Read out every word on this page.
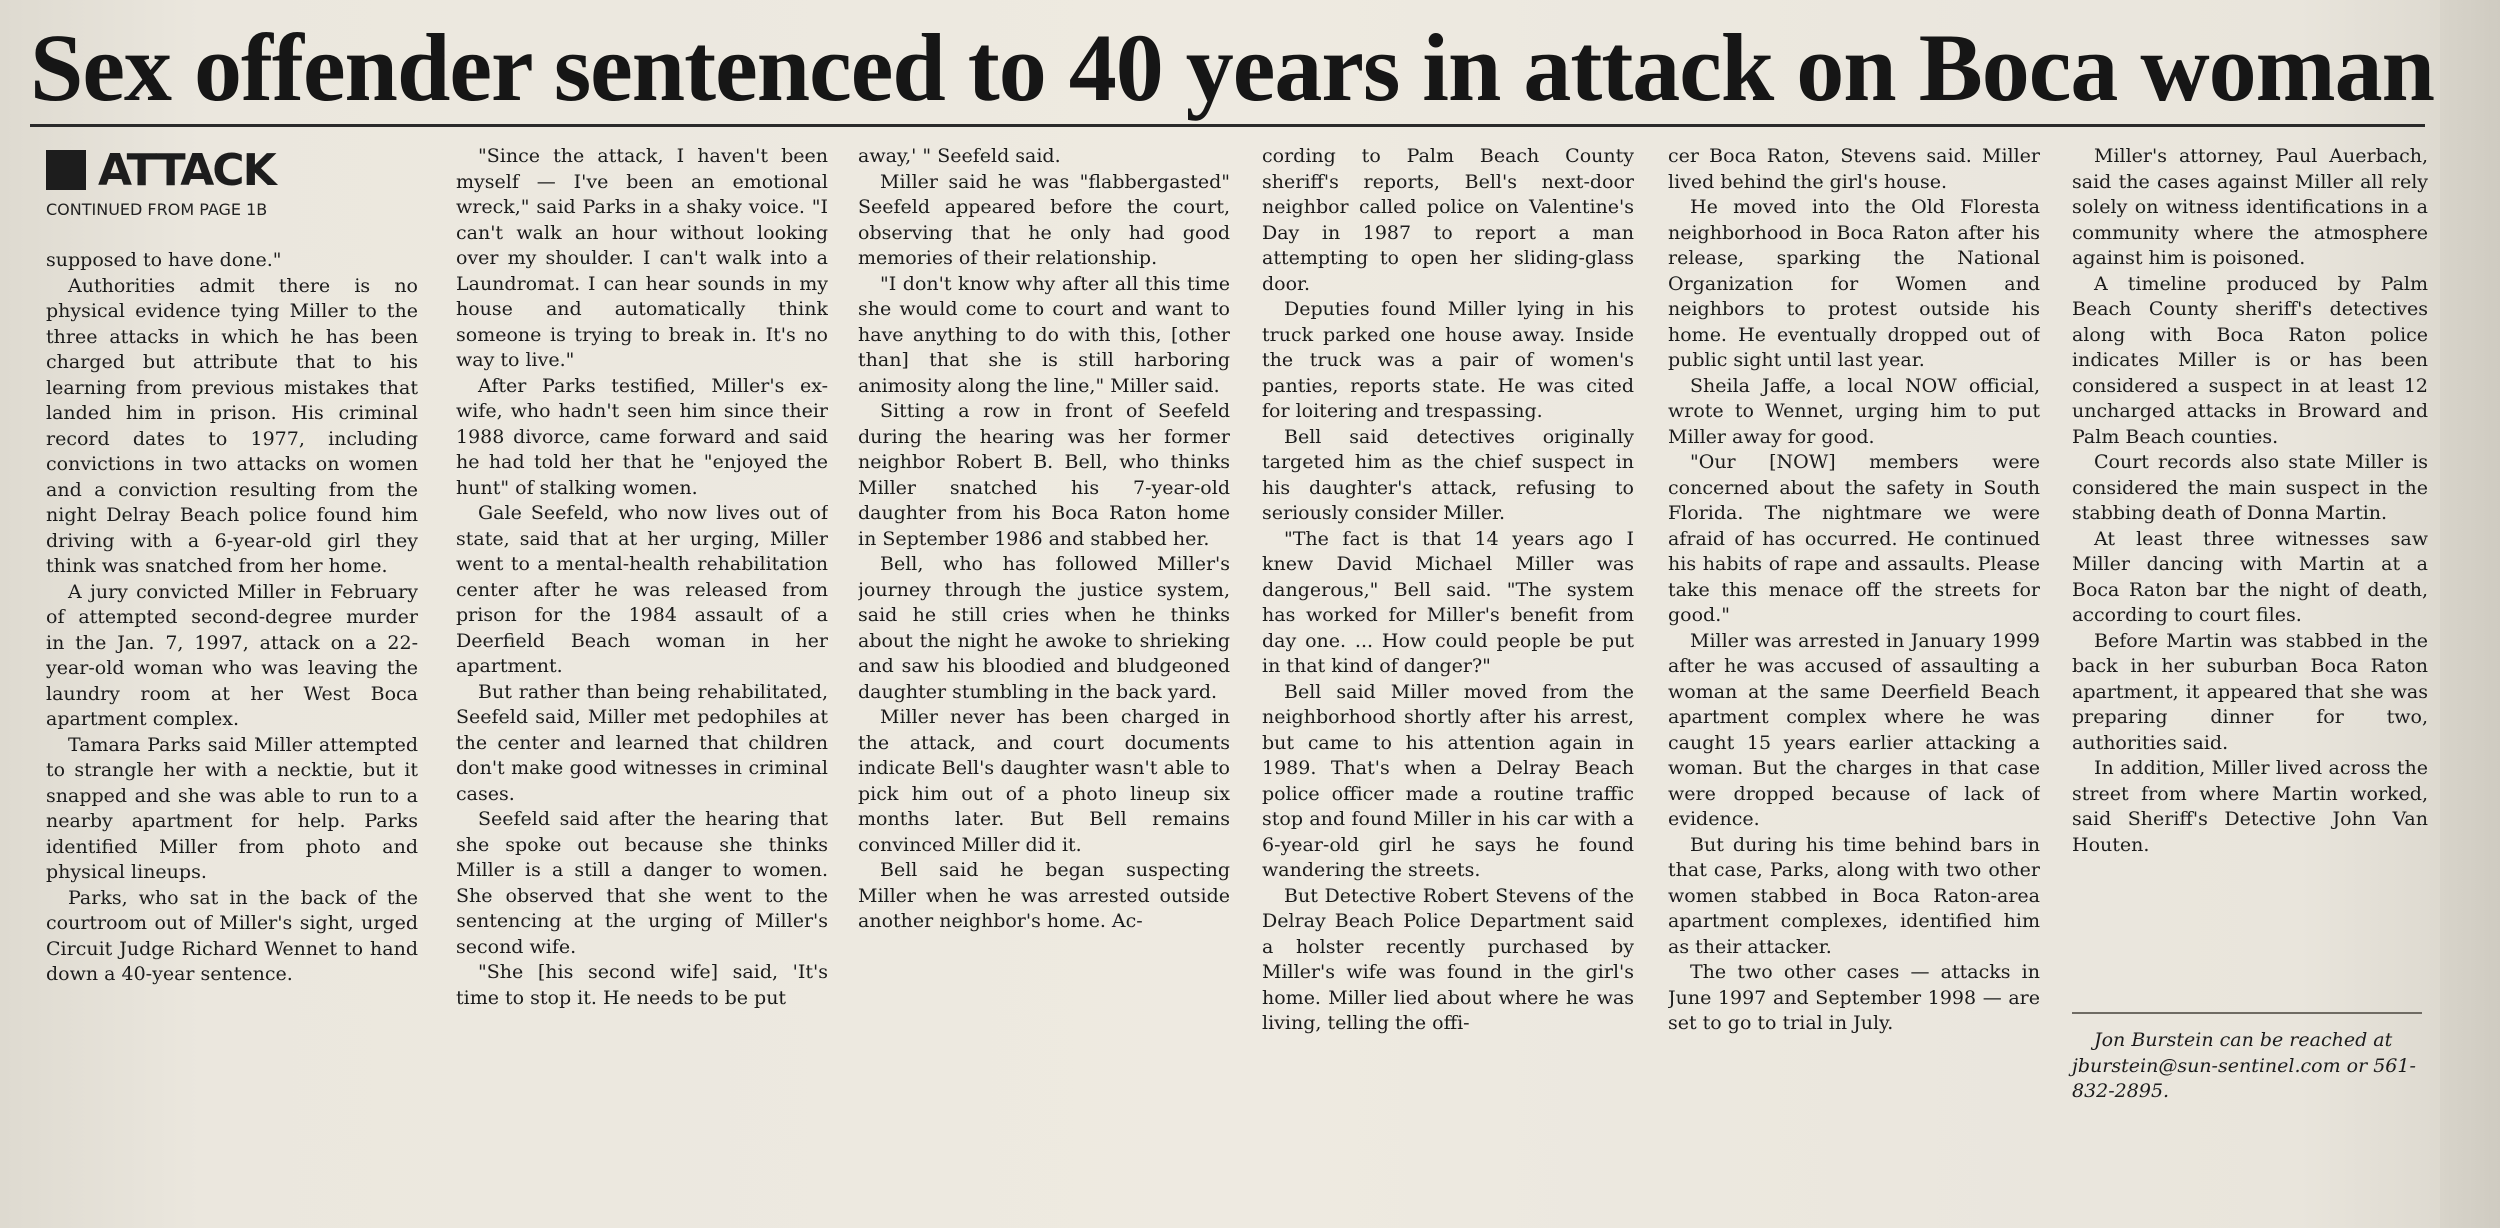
Sex offender sentenced to 40 years in attack on Boca woman
ATTACK
CONTINUED FROM PAGE 1B

supposed to have done."

Authorities admit there is no physical evidence tying Miller to the three attacks in which he has been charged but attribute that to his learning from previous mistakes that landed him in prison. His criminal record dates to 1977, including convictions in two attacks on women and a conviction resulting from the night Delray Beach police found him driving with a 6-year-old girl they think was snatched from her home.

A jury convicted Miller in February of attempted second-degree murder in the Jan. 7, 1997, attack on a 22-year-old woman who was leaving the laundry room at her West Boca apartment complex.

Tamara Parks said Miller attempted to strangle her with a necktie, but it snapped and she was able to run to a nearby apartment for help. Parks identified Miller from photo and physical lineups.

Parks, who sat in the back of the courtroom out of Miller's sight, urged Circuit Judge Richard Wennet to hand down a 40-year sentence.

"Since the attack, I haven't been myself — I've been an emotional wreck," said Parks in a shaky voice. "I can't walk an hour without looking over my shoulder. I can't walk into a Laundromat. I can hear sounds in my house and automatically think someone is trying to break in. It's no way to live."

After Parks testified, Miller's ex-wife, who hadn't seen him since their 1988 divorce, came forward and said he had told her that he "enjoyed the hunt" of stalking women.

Gale Seefeld, who now lives out of state, said that at her urging, Miller went to a mental-health rehabilitation center after he was released from prison for the 1984 assault of a Deerfield Beach woman in her apartment.

But rather than being rehabilitated, Seefeld said, Miller met pedophiles at the center and learned that children don't make good witnesses in criminal cases.

Seefeld said after the hearing that she spoke out because she thinks Miller is a still a danger to women. She observed that she went to the sentencing at the urging of Miller's second wife.

"She [his second wife] said, 'It's time to stop it. He needs to be put

away,' " Seefeld said.

Miller said he was "flabbergasted" Seefeld appeared before the court, observing that he only had good memories of their relationship.

"I don't know why after all this time she would come to court and want to have anything to do with this, [other than] that she is still harboring animosity along the line," Miller said.

Sitting a row in front of Seefeld during the hearing was her former neighbor Robert B. Bell, who thinks Miller snatched his 7-year-old daughter from his Boca Raton home in September 1986 and stabbed her.

Bell, who has followed Miller's journey through the justice system, said he still cries when he thinks about the night he awoke to shrieking and saw his bloodied and bludgeoned daughter stumbling in the back yard.

Miller never has been charged in the attack, and court documents indicate Bell's daughter wasn't able to pick him out of a photo lineup six months later. But Bell remains convinced Miller did it.

Bell said he began suspecting Miller when he was arrested outside another neighbor's home. Ac-

cording to Palm Beach County sheriff's reports, Bell's next-door neighbor called police on Valentine's Day in 1987 to report a man attempting to open her sliding-glass door.

Deputies found Miller lying in his truck parked one house away. Inside the truck was a pair of women's panties, reports state. He was cited for loitering and trespassing.

Bell said detectives originally targeted him as the chief suspect in his daughter's attack, refusing to seriously consider Miller.

"The fact is that 14 years ago I knew David Michael Miller was dangerous," Bell said. "The system has worked for Miller's benefit from day one. ... How could people be put in that kind of danger?"

Bell said Miller moved from the neighborhood shortly after his arrest, but came to his attention again in 1989. That's when a Delray Beach police officer made a routine traffic stop and found Miller in his car with a 6-year-old girl he says he found wandering the streets.

But Detective Robert Stevens of the Delray Beach Police Department said a holster recently purchased by Miller's wife was found in the girl's home. Miller lied about where he was living, telling the offi-

cer Boca Raton, Stevens said. Miller lived behind the girl's house.

He moved into the Old Floresta neighborhood in Boca Raton after his release, sparking the National Organization for Women and neighbors to protest outside his home. He eventually dropped out of public sight until last year.

Sheila Jaffe, a local NOW official, wrote to Wennet, urging him to put Miller away for good.

"Our [NOW] members were concerned about the safety in South Florida. The nightmare we were afraid of has occurred. He continued his habits of rape and assaults. Please take this menace off the streets for good."

Miller was arrested in January 1999 after he was accused of assaulting a woman at the same Deerfield Beach apartment complex where he was caught 15 years earlier attacking a woman. But the charges in that case were dropped because of lack of evidence.

But during his time behind bars in that case, Parks, along with two other women stabbed in Boca Raton-area apartment complexes, identified him as their attacker.

The two other cases — attacks in June 1997 and September 1998 — are set to go to trial in July.

Miller's attorney, Paul Auerbach, said the cases against Miller all rely solely on witness identifications in a community where the atmosphere against him is poisoned.

A timeline produced by Palm Beach County sheriff's detectives along with Boca Raton police indicates Miller is or has been considered a suspect in at least 12 uncharged attacks in Broward and Palm Beach counties.

Court records also state Miller is considered the main suspect in the stabbing death of Donna Martin.

At least three witnesses saw Miller dancing with Martin at a Boca Raton bar the night of death, according to court files.

Before Martin was stabbed in the back in her suburban Boca Raton apartment, it appeared that she was preparing dinner for two, authorities said.

In addition, Miller lived across the street from where Martin worked, said Sheriff's Detective John Van Houten.

Jon Burstein can be reached at jburstein@sun-sentinel.com or 561-832-2895.
